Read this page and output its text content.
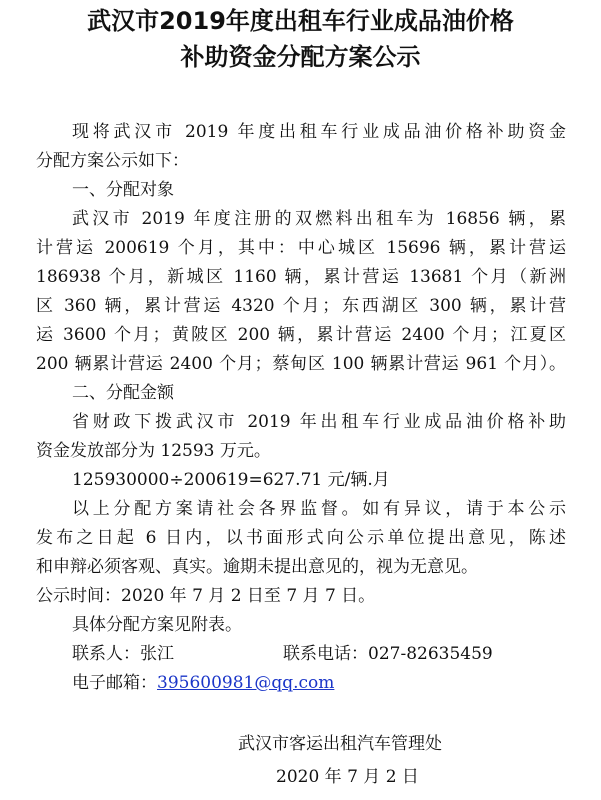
武汉市2019年度出租车行业成品油价格
补助资金分配方案公示
现将武汉市 2019 年度出租车行业成品油价格补助资金
分配方案公示如下：
一、分配对象
武汉市 2019 年度注册的双燃料出租车为 16856 辆，累
计营运 200619 个月，其中：中心城区 15696 辆，累计营运
186938 个月，新城区 1160 辆，累计营运 13681 个月（新洲
区 360 辆，累计营运 4320 个月；东西湖区 300 辆，累计营
运 3600 个月；黄陂区 200 辆，累计营运 2400 个月；江夏区
200 辆累计营运 2400 个月；蔡甸区 100 辆累计营运 961 个月）。
二、分配金额
省财政下拨武汉市 2019 年出租车行业成品油价格补助
资金发放部分为 12593 万元。
125930000÷200619=627.71 元/辆.月
以上分配方案请社会各界监督。如有异议，请于本公示
发布之日起 6 日内，以书面形式向公示单位提出意见，陈述
和申辩必须客观、真实。逾期未提出意见的，视为无意见。
公示时间：2020 年 7 月 2 日至 7 月 7 日。
具体分配方案见附表。
联系人：张江	联系电话：027-82635459
电子邮箱：395600981@qq.com
武汉市客运出租汽车管理处
2020 年 7 月 2 日
